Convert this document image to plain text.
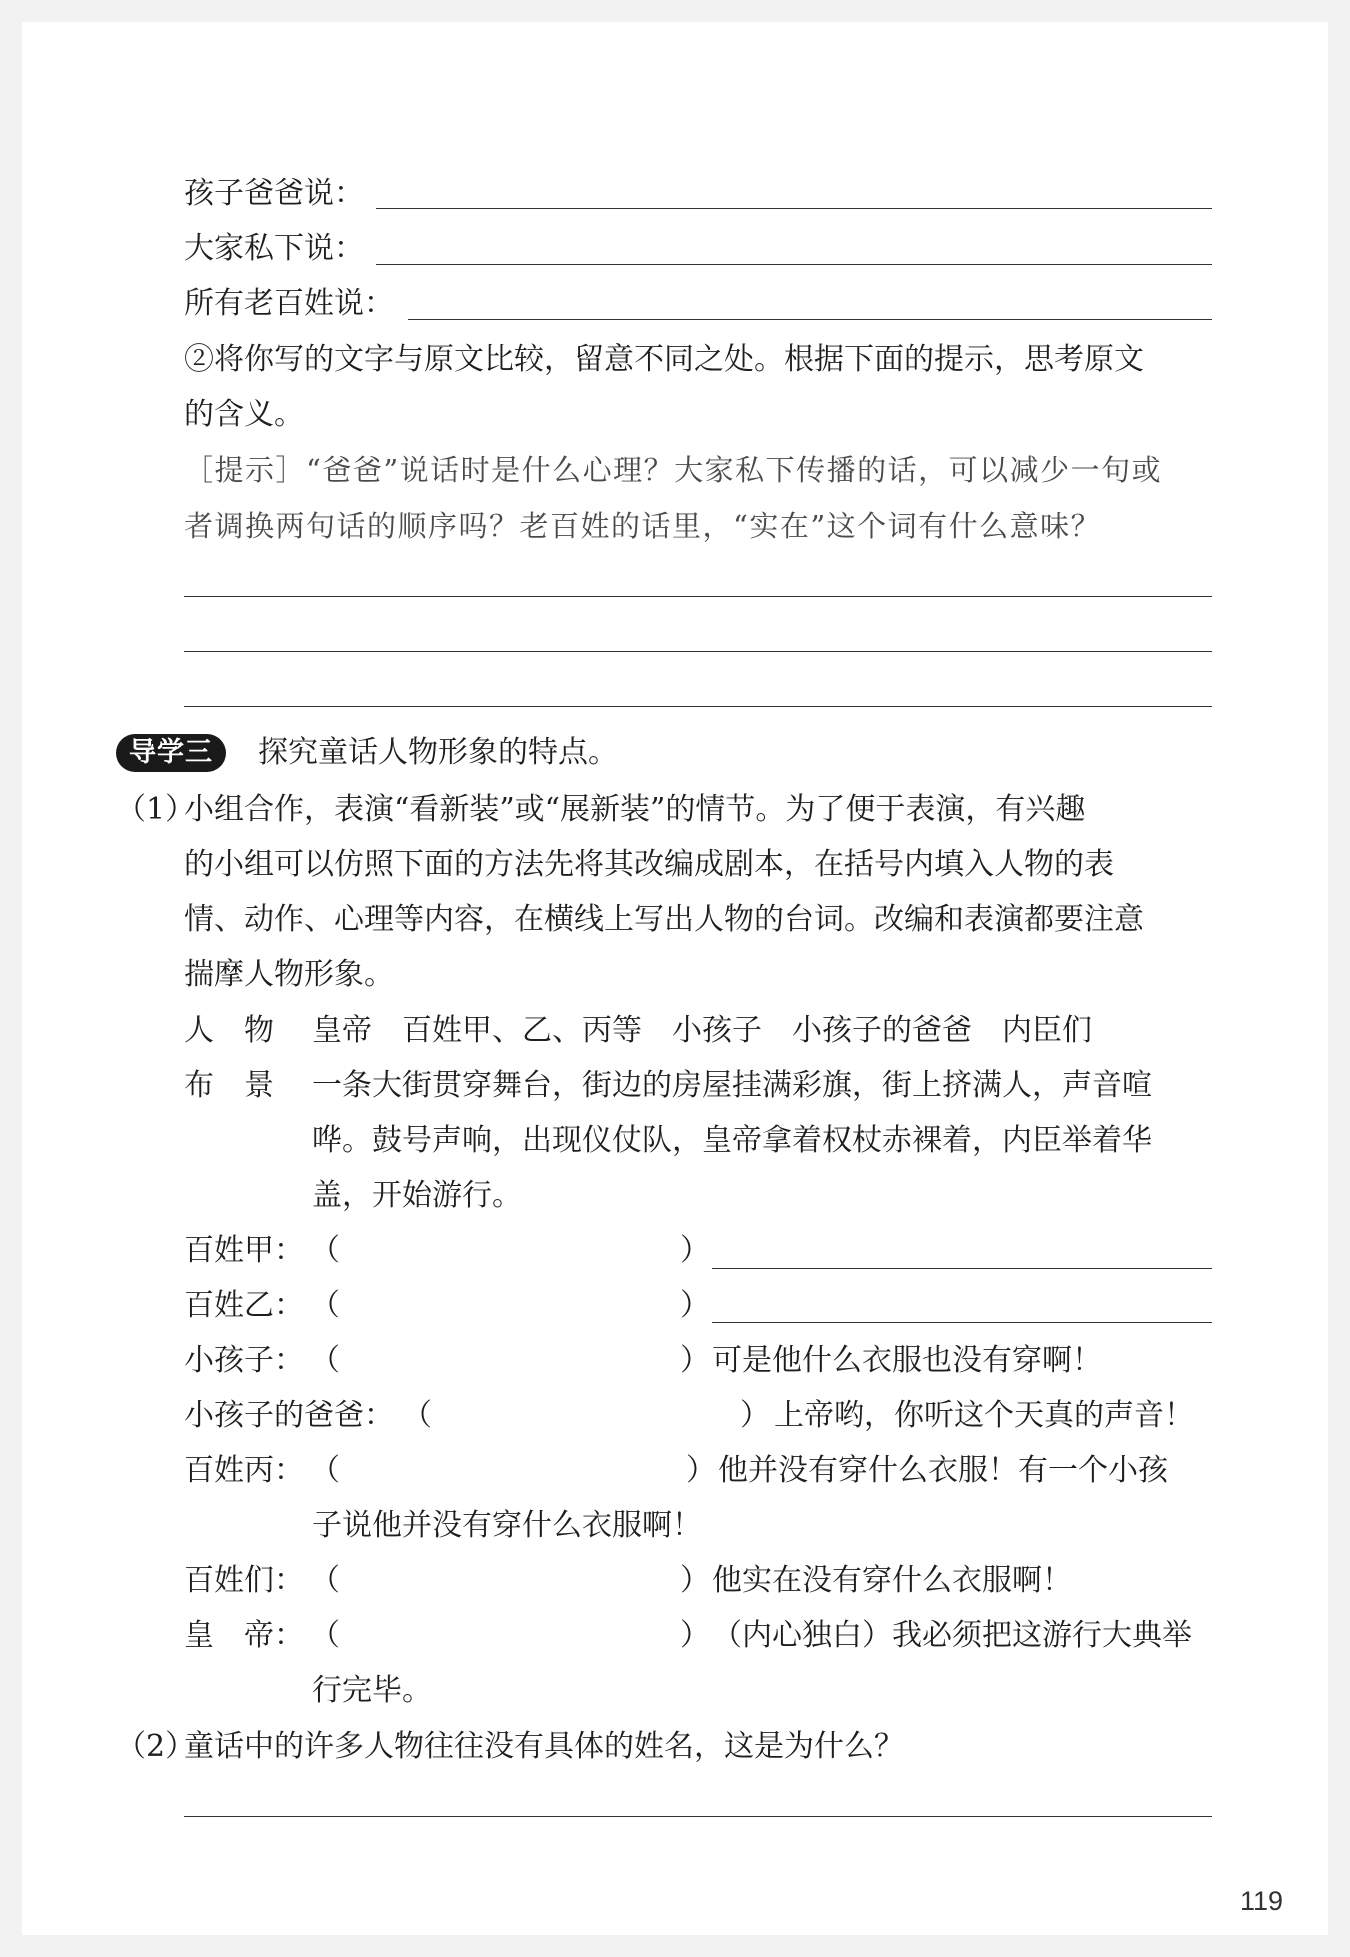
孩子爸爸说：
大家私下说：
所有老百姓说：
②将你写的文字与原文比较，留意不同之处。根据下面的提示，思考原文
的含义。
［提示］“爸爸”说话时是什么心理？大家私下传播的话，可以减少一句或
者调换两句话的顺序吗？老百姓的话里，“实在”这个词有什么意味？
导学三	探究童话人物形象的特点。
（1）
小组合作，表演“看新装”或“展新装”的情节。为了便于表演，有兴趣
的小组可以仿照下面的方法先将其改编成剧本，在括号内填入人物的表
情、动作、心理等内容，在横线上写出人物的台词。改编和表演都要注意
揣摩人物形象。
人　物 皇帝　百姓甲、乙、丙等　小孩子　小孩子的爸爸　内臣们
布　景 一条大街贯穿舞台，街边的房屋挂满彩旗，街上挤满人，声音喧
哗。鼓号声响，出现仪仗队，皇帝拿着权杖赤裸着，内臣举着华
盖，开始游行。
百姓甲： （	）
百姓乙： （	）
小孩子： （	） 可是他什么衣服也没有穿啊！
小孩子的爸爸： （	） 上帝哟，你听这个天真的声音！
百姓丙： （	） 他并没有穿什么衣服！有一个小孩
子说他并没有穿什么衣服啊！
百姓们： （	） 他实在没有穿什么衣服啊！
皇　帝： （	） （内心独白）我必须把这游行大典举
行完毕。
（2）
童话中的许多人物往往没有具体的姓名，这是为什么？
119
